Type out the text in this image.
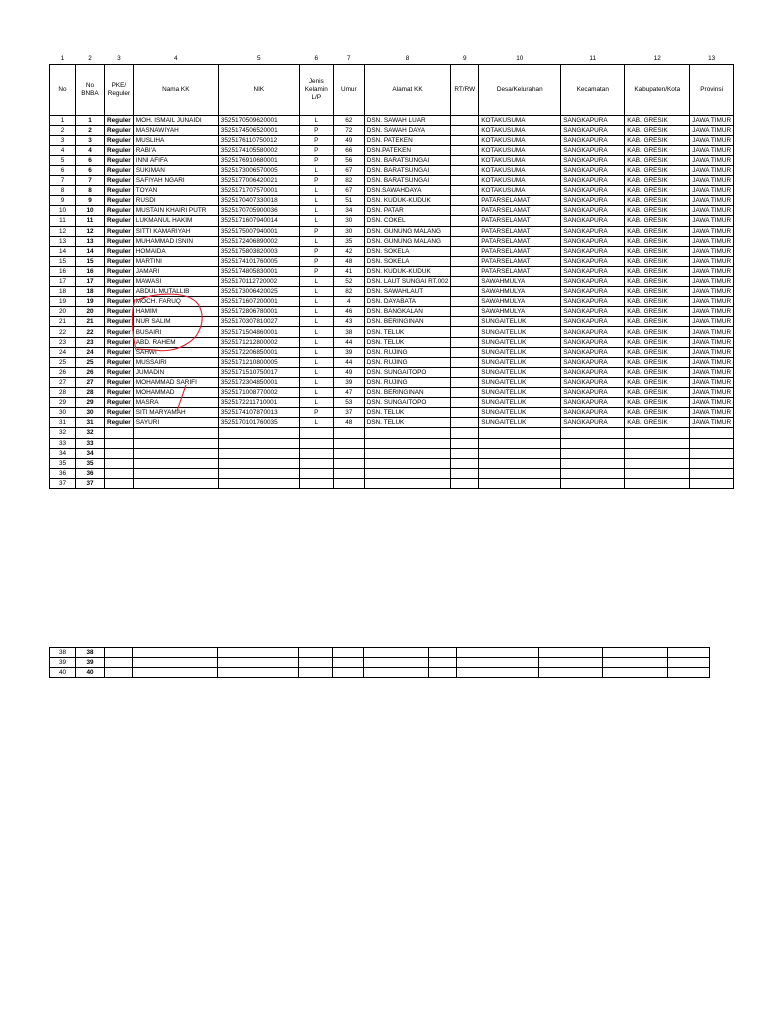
1	2	3	4	5	6	7	8	9	10	11	12	13
No	No BNBA	PKE/ Reguler	Nama KK	NIK	Jenis Kelamin L/P	Umur	Alamat KK	RT/RW	Desa/Kelurahan	Kecamatan	Kabupaten/Kota	Provinsi
1	1	Reguler	MOH. ISMAIL JUNAIDI	3525170509620001	L	62	DSN. SAWAH LUAR		KOTAKUSUMA	SANGKAPURA	KAB. GRESIK	JAWA TIMUR
2	2	Reguler	MASNAWIYAH	3525174506520001	P	72	DSN. SAWAH DAYA		KOTAKUSUMA	SANGKAPURA	KAB. GRESIK	JAWA TIMUR
3	3	Reguler	MUSLIHA	3525176110750012	P	49	DSN. PATEKEN		KOTAKUSUMA	SANGKAPURA	KAB. GRESIK	JAWA TIMUR
4	4	Reguler	RABI'A	3525174105580002	P	66	DSN.PATEKEN		KOTAKUSUMA	SANGKAPURA	KAB. GRESIK	JAWA TIMUR
5	6	Reguler	INNI AFIFA	3525176910680001	P	56	DSN. BARATSUNGAI		KOTAKUSUMA	SANGKAPURA	KAB. GRESIK	JAWA TIMUR
6	6	Reguler	SUKIMAN	3525173006570005	L	67	DSN. BARATSUNGAI		KOTAKUSUMA	SANGKAPURA	KAB. GRESIK	JAWA TIMUR
7	7	Reguler	SAFIYAH NGARI	3525177006420021	P	82	DSN. BARATSUNGAI		KOTAKUSUMA	SANGKAPURA	KAB. GRESIK	JAWA TIMUR
8	8	Reguler	TOYAN	3525171707570001	L	67	DSN.SAWAHDAYA		KOTAKUSUMA	SANGKAPURA	KAB. GRESIK	JAWA TIMUR
9	9	Reguler	RUSDI	3525170407330018	L	51	DSN. KUDUK-KUDUK		PATARSELAMAT	SANGKAPURA	KAB. GRESIK	JAWA TIMUR
10	10	Reguler	MUSTAIN KHAIRI PUTR	3525170705900036	L	34	DSN. PATAR		PATARSELAMAT	SANGKAPURA	KAB. GRESIK	JAWA TIMUR
11	11	Reguler	LUKMANUL HAKIM	3525171607940014	L	30	DSN. COKEL		PATARSELAMAT	SANGKAPURA	KAB. GRESIK	JAWA TIMUR
12	12	Reguler	SITTI KAMARIYAH	3525175007940001	P	30	DSN. GUNUNG MALANG		PATARSELAMAT	SANGKAPURA	KAB. GRESIK	JAWA TIMUR
13	13	Reguler	MUHAMMAD ISNIN	3525172406890002	L	35	DSN. GUNUNG MALANG		PATARSELAMAT	SANGKAPURA	KAB. GRESIK	JAWA TIMUR
14	14	Reguler	HOMAIDA	3525175803820003	P	42	DSN. SOKELA		PATARSELAMAT	SANGKAPURA	KAB. GRESIK	JAWA TIMUR
15	15	Reguler	MARTINI	3525174101760005	P	48	DSN. SOKELA		PATARSELAMAT	SANGKAPURA	KAB. GRESIK	JAWA TIMUR
16	16	Reguler	JAMARI	3525174805830001	P	41	DSN. KUDUK-KUDUK		PATARSELAMAT	SANGKAPURA	KAB. GRESIK	JAWA TIMUR
17	17	Reguler	MAWASI	3525170112720002	L	52	DSN. LAUT SUNGAI RT.002		SAWAHMULYA	SANGKAPURA	KAB. GRESIK	JAWA TIMUR
18	18	Reguler	ABDUL MUTALLIB	3525173006420025	L	82	DSN. SAWAHLAUT		SAWAHMULYA	SANGKAPURA	KAB. GRESIK	JAWA TIMUR
19	19	Reguler	MOCH. FARUQ	3525171607200001	L	4	DSN. DAYABATA		SAWAHMULYA	SANGKAPURA	KAB. GRESIK	JAWA TIMUR
20	20	Reguler	HAMIM	3525172806780001	L	46	DSN. BANGKALAN		SAWAHMULYA	SANGKAPURA	KAB. GRESIK	JAWA TIMUR
21	21	Reguler	NUR SALIM	3525170307810027	L	43	DSN. BERINGINAN		SUNGAITELUK	SANGKAPURA	KAB. GRESIK	JAWA TIMUR
22	22	Reguler	BUSAIRI	3525171504860001	L	38	DSN. TELUK		SUNGAITELUK	SANGKAPURA	KAB. GRESIK	JAWA TIMUR
23	23	Reguler	ABD. RAHEM	3525171212800002	L	44	DSN. TELUK		SUNGAITELUK	SANGKAPURA	KAB. GRESIK	JAWA TIMUR
24	24	Reguler	SAHWI	3525172206850001	L	39	DSN. RUJING		SUNGAITELUK	SANGKAPURA	KAB. GRESIK	JAWA TIMUR
25	25	Reguler	MUSSAIRI	3525171210800005	L	44	DSN. RUJING		SUNGAITELUK	SANGKAPURA	KAB. GRESIK	JAWA TIMUR
26	26	Reguler	JUMADIN	3525171510750017	L	49	DSN. SUNGAITOPO		SUNGAITELUK	SANGKAPURA	KAB. GRESIK	JAWA TIMUR
27	27	Reguler	MOHAMMAD SARIFI	3525172304850001	L	39	DSN. RUJING		SUNGAITELUK	SANGKAPURA	KAB. GRESIK	JAWA TIMUR
28	28	Reguler	MOHAMMAD	3525171008770002	L	47	DSN. BERINGINAN		SUNGAITELUK	SANGKAPURA	KAB. GRESIK	JAWA TIMUR
29	29	Reguler	MASRA	3525172211710001	L	53	DSN. SUNGAITOPO		SUNGAITELUK	SANGKAPURA	KAB. GRESIK	JAWA TIMUR
30	30	Reguler	SITI MARYAMAH	3525174107870013	P	37	DSN. TELUK		SUNGAITELUK	SANGKAPURA	KAB. GRESIK	JAWA TIMUR
31	31	Reguler	SAYURI	3525170101760035	L	48	DSN. TELUK		SUNGAITELUK	SANGKAPURA	KAB. GRESIK	JAWA TIMUR
32	32											
33	33											
34	34											
35	35											
36	36											
37	37											
38	38											
39	39											
40	40											
